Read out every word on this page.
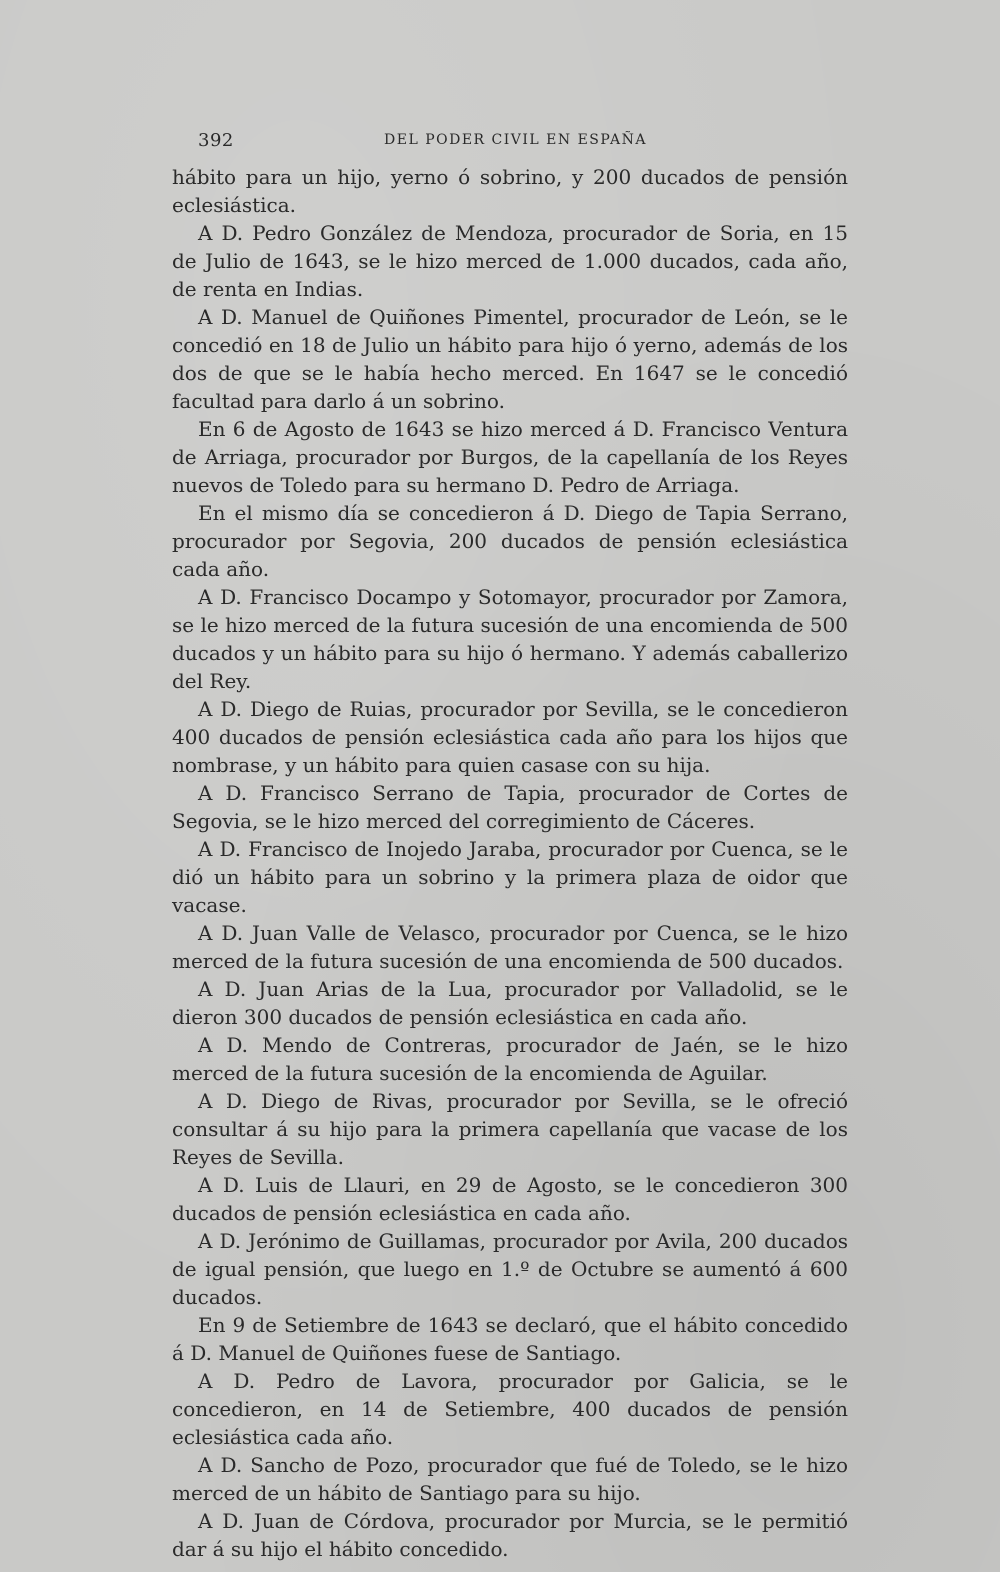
392	DEL PODER CIVIL EN ESPAÑA

hábito para un hijo, yerno ó sobrino, y 200 ducados de pensión eclesiástica.

A D. Pedro González de Mendoza, procurador de Soria, en 15 de Julio de 1643, se le hizo merced de 1.000 ducados, cada año, de renta en Indias.

A D. Manuel de Quiñones Pimentel, procurador de León, se le concedió en 18 de Julio un hábito para hijo ó yerno, además de los dos de que se le había hecho merced. En 1647 se le concedió facultad para darlo á un sobrino.

En 6 de Agosto de 1643 se hizo merced á D. Francisco Ventura de Arriaga, procurador por Burgos, de la capellanía de los Reyes nuevos de Toledo para su hermano D. Pedro de Arriaga.

En el mismo día se concedieron á D. Diego de Tapia Serrano, procurador por Segovia, 200 ducados de pensión eclesiástica cada año.

A D. Francisco Docampo y Sotomayor, procurador por Zamora, se le hizo merced de la futura sucesión de una encomienda de 500 ducados y un hábito para su hijo ó hermano. Y además caballerizo del Rey.

A D. Diego de Ruias, procurador por Sevilla, se le concedieron 400 ducados de pensión eclesiástica cada año para los hijos que nombrase, y un hábito para quien casase con su hija.

A D. Francisco Serrano de Tapia, procurador de Cortes de Segovia, se le hizo merced del corregimiento de Cáceres.

A D. Francisco de Inojedo Jaraba, procurador por Cuenca, se le dió un hábito para un sobrino y la primera plaza de oidor que vacase.

A D. Juan Valle de Velasco, procurador por Cuenca, se le hizo merced de la futura sucesión de una encomienda de 500 ducados.

A D. Juan Arias de la Lua, procurador por Valladolid, se le dieron 300 ducados de pensión eclesiástica en cada año.

A D. Mendo de Contreras, procurador de Jaén, se le hizo merced de la futura sucesión de la encomienda de Aguilar.

A D. Diego de Rivas, procurador por Sevilla, se le ofreció consultar á su hijo para la primera capellanía que vacase de los Reyes de Sevilla.

A D. Luis de Llauri, en 29 de Agosto, se le concedieron 300 ducados de pensión eclesiástica en cada año.

A D. Jerónimo de Guillamas, procurador por Avila, 200 ducados de igual pensión, que luego en 1.º de Octubre se aumentó á 600 ducados.

En 9 de Setiembre de 1643 se declaró, que el hábito concedido á D. Manuel de Quiñones fuese de Santiago.

A D. Pedro de Lavora, procurador por Galicia, se le concedieron, en 14 de Setiembre, 400 ducados de pensión eclesiástica cada año.

A D. Sancho de Pozo, procurador que fué de Toledo, se le hizo merced de un hábito de Santiago para su hijo.

A D. Juan de Córdova, procurador por Murcia, se le permitió dar á su hijo el hábito concedido.
